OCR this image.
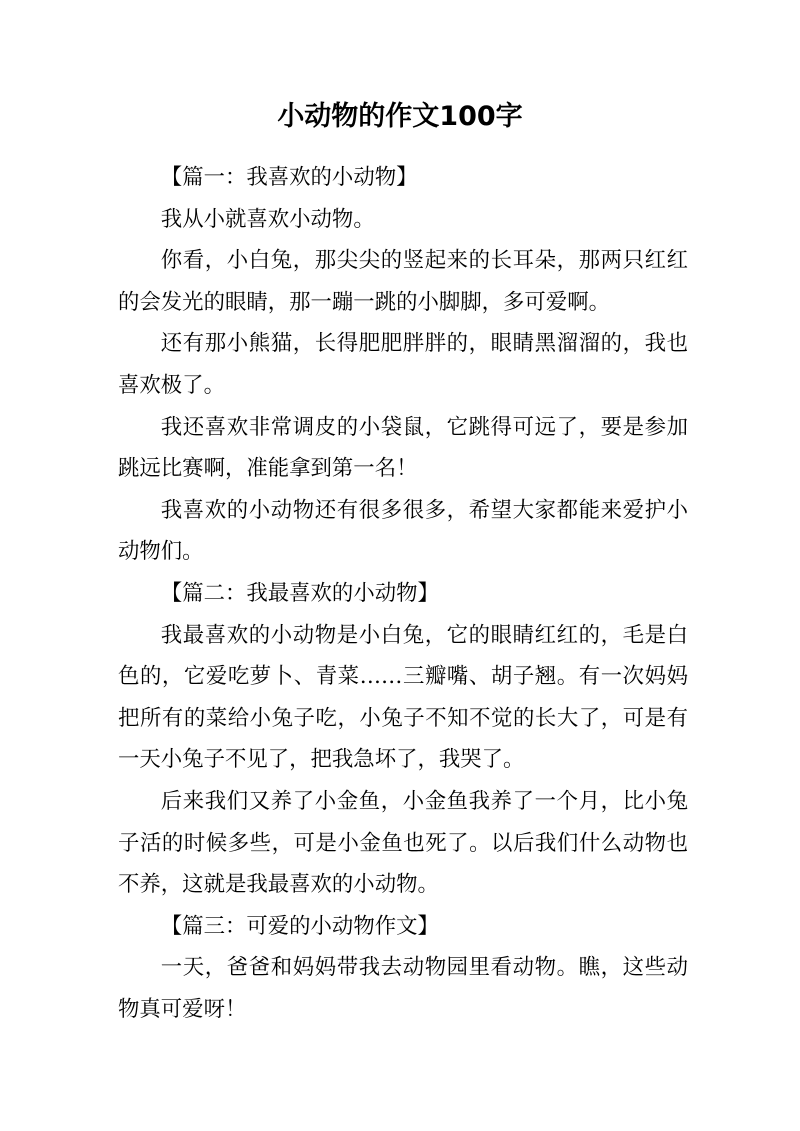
小动物的作文100字

【篇一：我喜欢的小动物】

我从小就喜欢小动物。

你看，小白兔，那尖尖的竖起来的长耳朵，那两只红红的会发光的眼睛，那一蹦一跳的小脚脚，多可爱啊。

还有那小熊猫，长得肥肥胖胖的，眼睛黑溜溜的，我也喜欢极了。

我还喜欢非常调皮的小袋鼠，它跳得可远了，要是参加跳远比赛啊，准能拿到第一名！

我喜欢的小动物还有很多很多，希望大家都能来爱护小动物们。

【篇二：我最喜欢的小动物】

我最喜欢的小动物是小白兔，它的眼睛红红的，毛是白色的，它爱吃萝卜、青菜……三瓣嘴、胡子翘。有一次妈妈把所有的菜给小兔子吃，小兔子不知不觉的长大了，可是有一天小兔子不见了，把我急坏了，我哭了。

后来我们又养了小金鱼，小金鱼我养了一个月，比小兔子活的时候多些，可是小金鱼也死了。以后我们什么动物也不养，这就是我最喜欢的小动物。

【篇三：可爱的小动物作文】

一天，爸爸和妈妈带我去动物园里看动物。瞧，这些动物真可爱呀！
